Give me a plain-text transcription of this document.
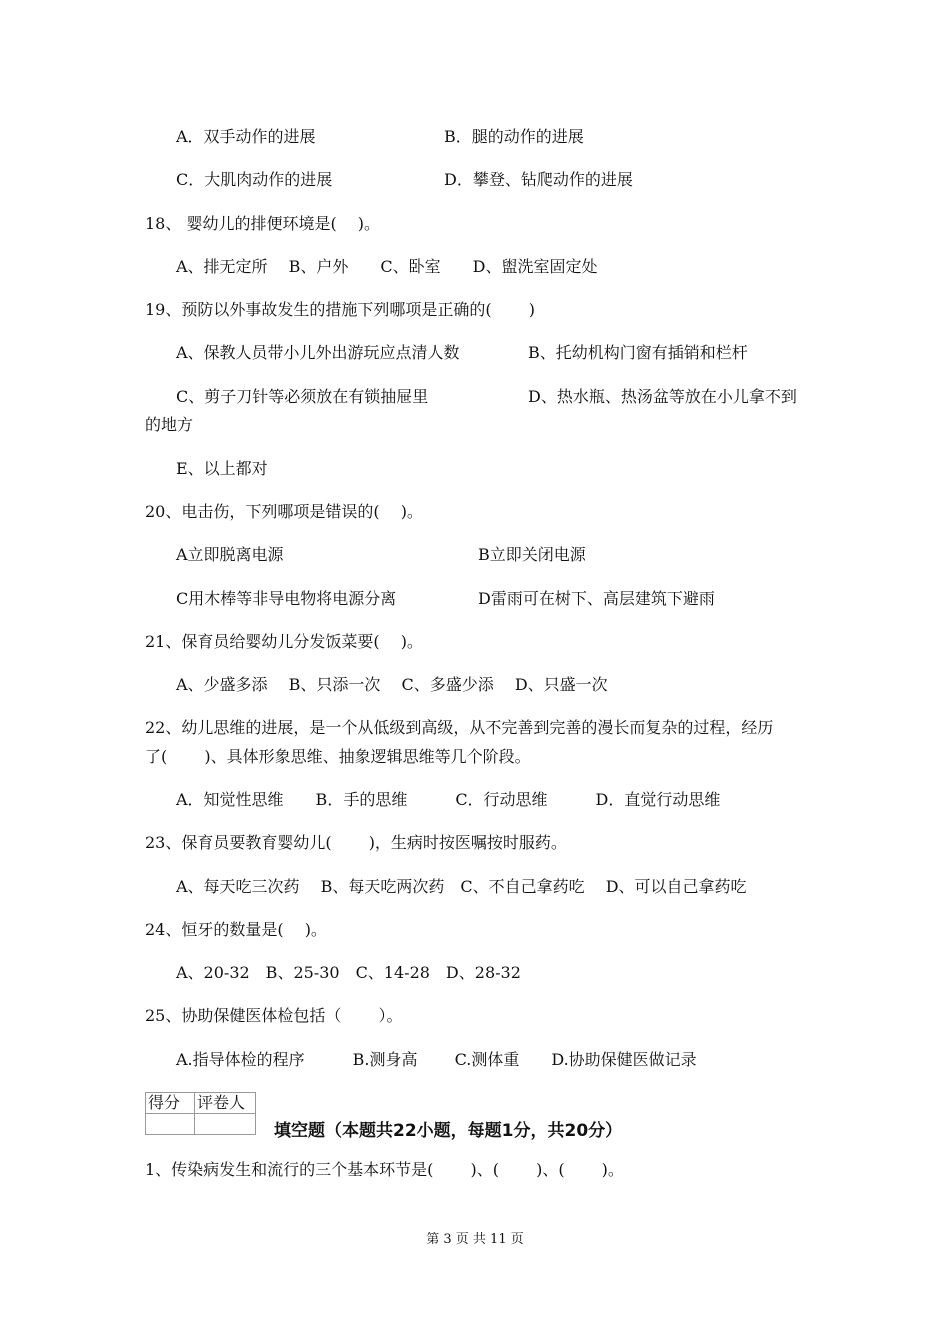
A．双手动作的进展	B．腿的动作的进展
C．大肌肉动作的进展	D．攀登、钻爬动作的进展
18、 婴幼儿的排便环境是(　 )。
A、排无定所　 B、户外　　C、卧室　　D、盥洗室固定处
19、预防以外事故发生的措施下列哪项是正确的(　　 )
A、保教人员带小儿外出游玩应点清人数	B、托幼机构门窗有插销和栏杆
C、剪子刀针等必须放在有锁抽屉里	D、热水瓶、热汤盆等放在小儿拿不到
的地方
E、以上都对
20、电击伤，下列哪项是错误的(　 )。
A立即脱离电源	B立即关闭电源
C用木棒等非导电物将电源分离	D雷雨可在树下、高层建筑下避雨
21、保育员给婴幼儿分发饭菜要(　 )。
A、少盛多添　 B、只添一次　 C、多盛少添　 D、只盛一次
22、幼儿思维的进展，是一个从低级到高级，从不完善到完善的漫长而复杂的过程，经历
了(　　 )、具体形象思维、抽象逻辑思维等几个阶段。
A．知觉性思维　　B．手的思维　　　C．行动思维　　　D．直觉行动思维
23、保育员要教育婴幼儿(　　 )，生病时按医嘱按时服药。
A、每天吃三次药　 B、每天吃两次药　C、不自己拿药吃　 D、可以自己拿药吃
24、恒牙的数量是(　 )。
A、20-32　B、25-30　C、14-28　D、28-32
25、协助保健医体检包括（　　 ）。
A.指导体检的程序　　　B.测身高　　 C.测体重　　D.协助保健医做记录
得分	评卷人

填空题（本题共22小题，每题1分，共20分）
1、传染病发生和流行的三个基本环节是(　　 )、(　　 )、(　　 )。
第 3 页 共 11 页
